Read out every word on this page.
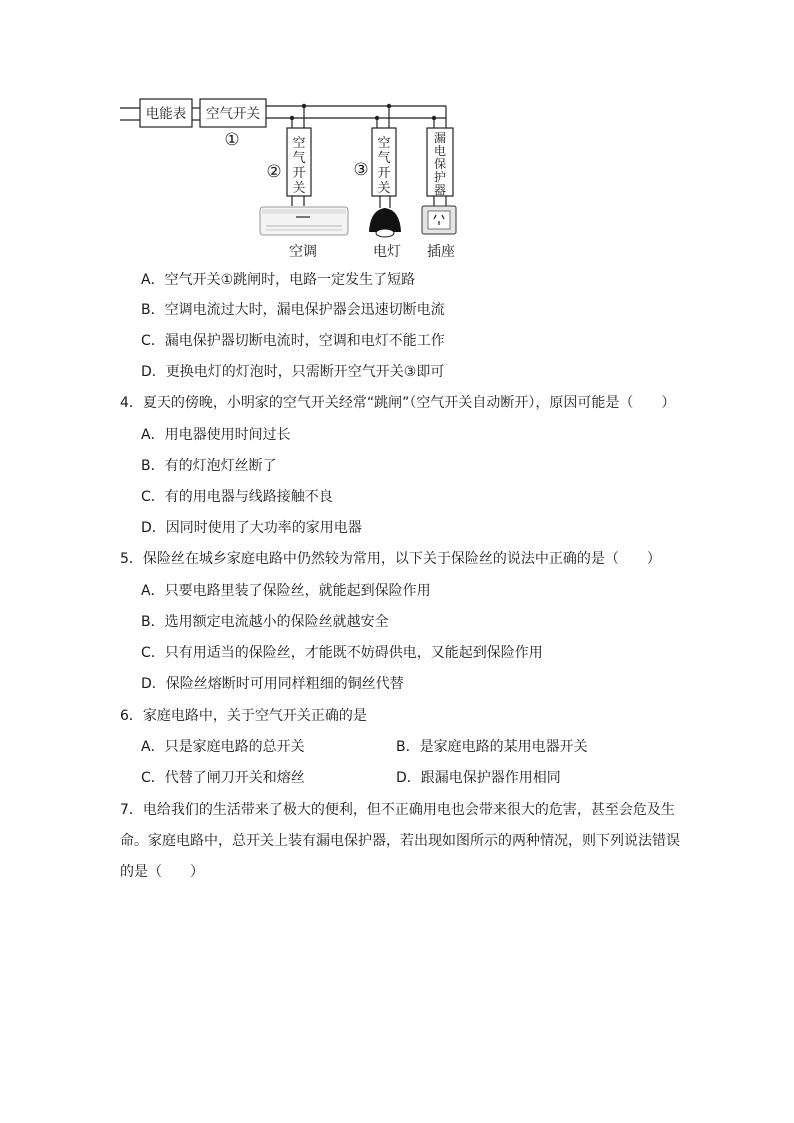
电能表 空气开关
①
②	③
空
气
开
关
空
气
开
关
漏
电
保
护
器
空调	电灯 插座
A．空气开关①跳闸时，电路一定发生了短路
B．空调电流过大时，漏电保护器会迅速切断电流
C．漏电保护器切断电流时，空调和电灯不能工作
D．更换电灯的灯泡时，只需断开空气开关③即可
4．夏天的傍晚，小明家的空气开关经常“跳闸”（空气开关自动断开），原因可能是（　　）
A．用电器使用时间过长
B．有的灯泡灯丝断了
C．有的用电器与线路接触不良
D．因同时使用了大功率的家用电器
5．保险丝在城乡家庭电路中仍然较为常用，以下关于保险丝的说法中正确的是（　　）
A．只要电路里装了保险丝，就能起到保险作用
B．选用额定电流越小的保险丝就越安全
C．只有用适当的保险丝，才能既不妨碍供电，又能起到保险作用
D．保险丝熔断时可用同样粗细的铜丝代替
6．家庭电路中，关于空气开关正确的是
A．只是家庭电路的总开关	B．是家庭电路的某用电器开关
C．代替了闸刀开关和熔丝	D．跟漏电保护器作用相同
7．电给我们的生活带来了极大的便利，但不正确用电也会带来很大的危害，甚至会危及生
命。家庭电路中，总开关上装有漏电保护器，若出现如图所示的两种情况，则下列说法错误
的是（　　）
